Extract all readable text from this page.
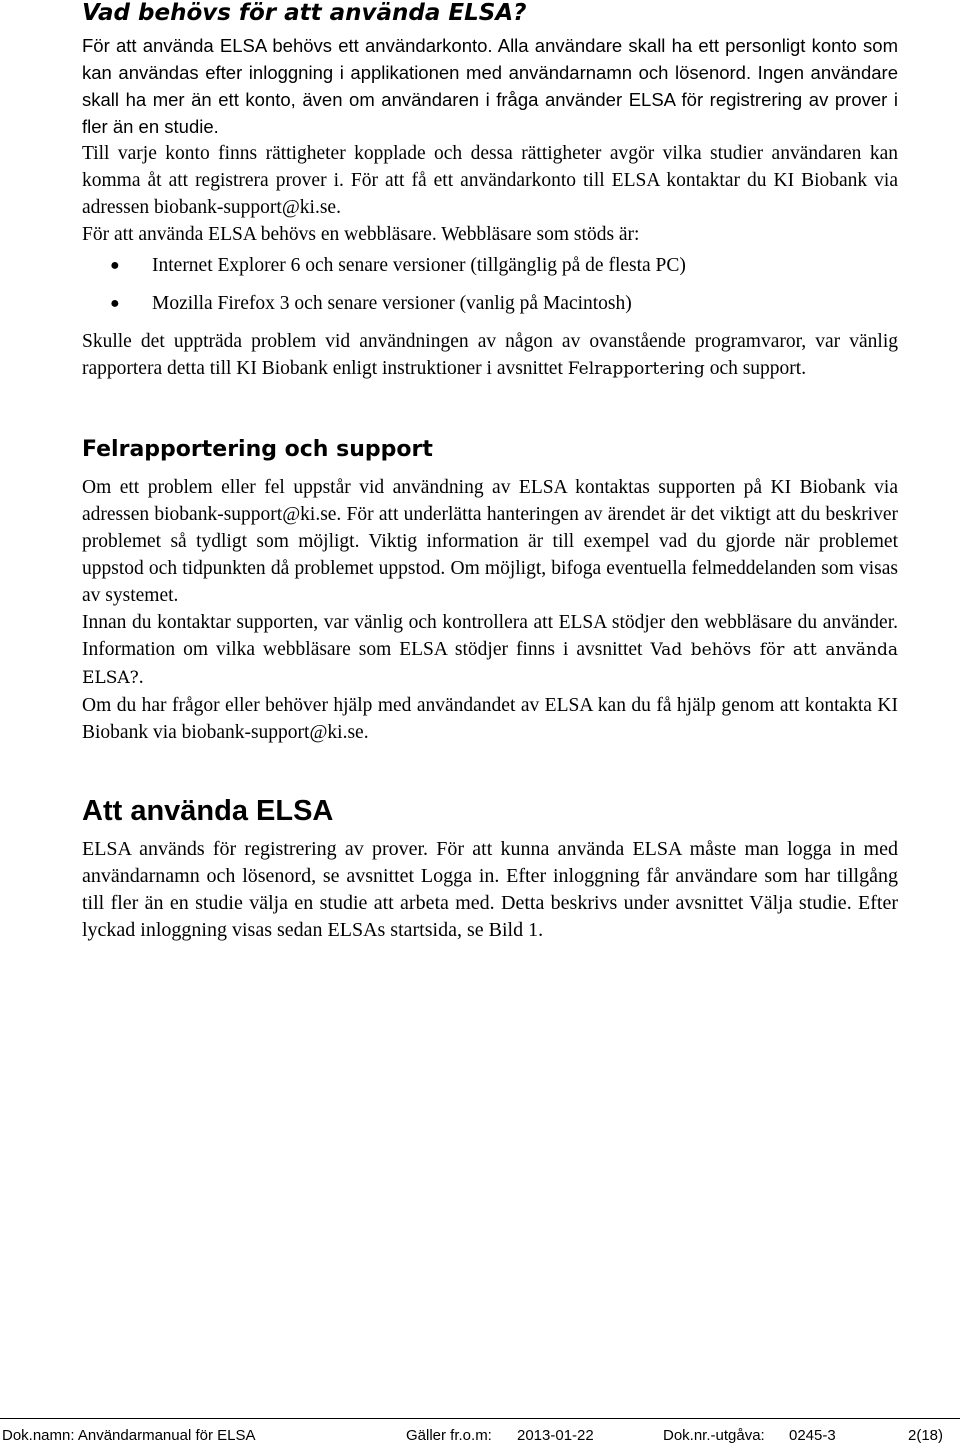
Vad behövs för att använda ELSA?

För att använda ELSA behövs ett användarkonto. Alla användare skall ha ett personligt konto som kan användas efter inloggning i applikationen med användarnamn och lösenord. Ingen användare skall ha mer än ett konto, även om användaren i fråga använder ELSA för registrering av prover i fler än en studie.

Till varje konto finns rättigheter kopplade och dessa rättigheter avgör vilka studier användaren kan komma åt att registrera prover i. För att få ett användarkonto till ELSA kontaktar du KI Biobank via adressen biobank-support@ki.se.

För att använda ELSA behövs en webbläsare. Webbläsare som stöds är:

● Internet Explorer 6 och senare versioner (tillgänglig på de flesta PC)
● Mozilla Firefox 3 och senare versioner (vanlig på Macintosh)

Skulle det uppträda problem vid användningen av någon av ovanstående programvaror, var vänlig rapportera detta till KI Biobank enligt instruktioner i avsnittet Felrapportering och support.

Felrapportering och support

Om ett problem eller fel uppstår vid användning av ELSA kontaktas supporten på KI Biobank via adressen biobank-support@ki.se. För att underlätta hanteringen av ärendet är det viktigt att du beskriver problemet så tydligt som möjligt. Viktig information är till exempel vad du gjorde när problemet uppstod och tidpunkten då problemet uppstod. Om möjligt, bifoga eventuella felmeddelanden som visas av systemet.

Innan du kontaktar supporten, var vänlig och kontrollera att ELSA stödjer den webbläsare du använder. Information om vilka webbläsare som ELSA stödjer finns i avsnittet Vad behövs för att använda ELSA?.

Om du har frågor eller behöver hjälp med användandet av ELSA kan du få hjälp genom att kontakta KI Biobank via biobank-support@ki.se.

Att använda ELSA

ELSA används för registrering av prover. För att kunna använda ELSA måste man logga in med användarnamn och lösenord, se avsnittet Logga in. Efter inloggning får användare som har tillgång till fler än en studie välja en studie att arbeta med. Detta beskrivs under avsnittet Välja studie. Efter lyckad inloggning visas sedan ELSAs startsida, se Bild 1.

Dok.namn: Användarmanual för ELSA	Gäller fr.o.m: 2013-01-22	Dok.nr.-utgåva: 0245-3	2(18)
